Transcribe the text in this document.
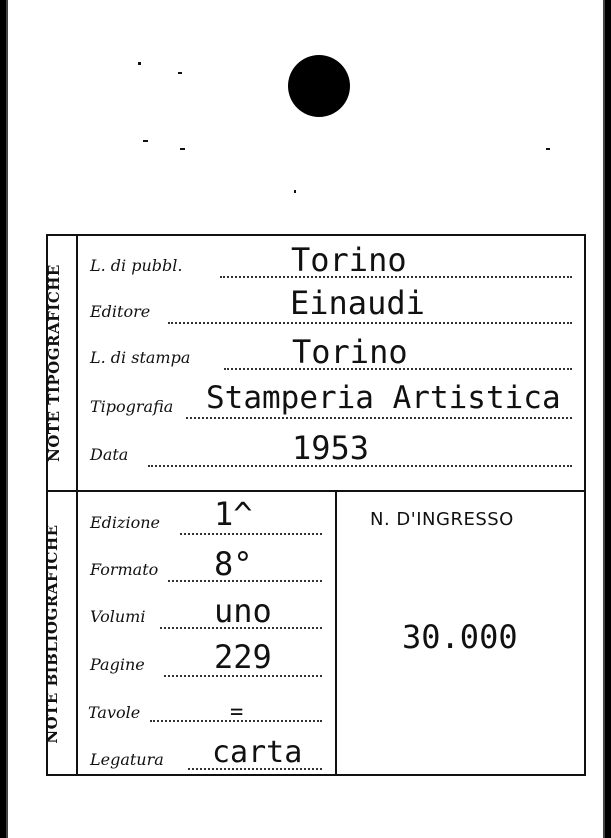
NOTE TIPOGRAFICHE
NOTE BIBLIOGRAFICHE
L. di pubbl.	Torino
Editore	Einaudi
L. di stampa	Torino
Tipografia Stamperia Artistica
Data	1953
Edizione 1^
Formato 8°
Volumi uno
Pagine 229
Tavole	=
Legatura carta
N. D'INGRESSO
30.000
